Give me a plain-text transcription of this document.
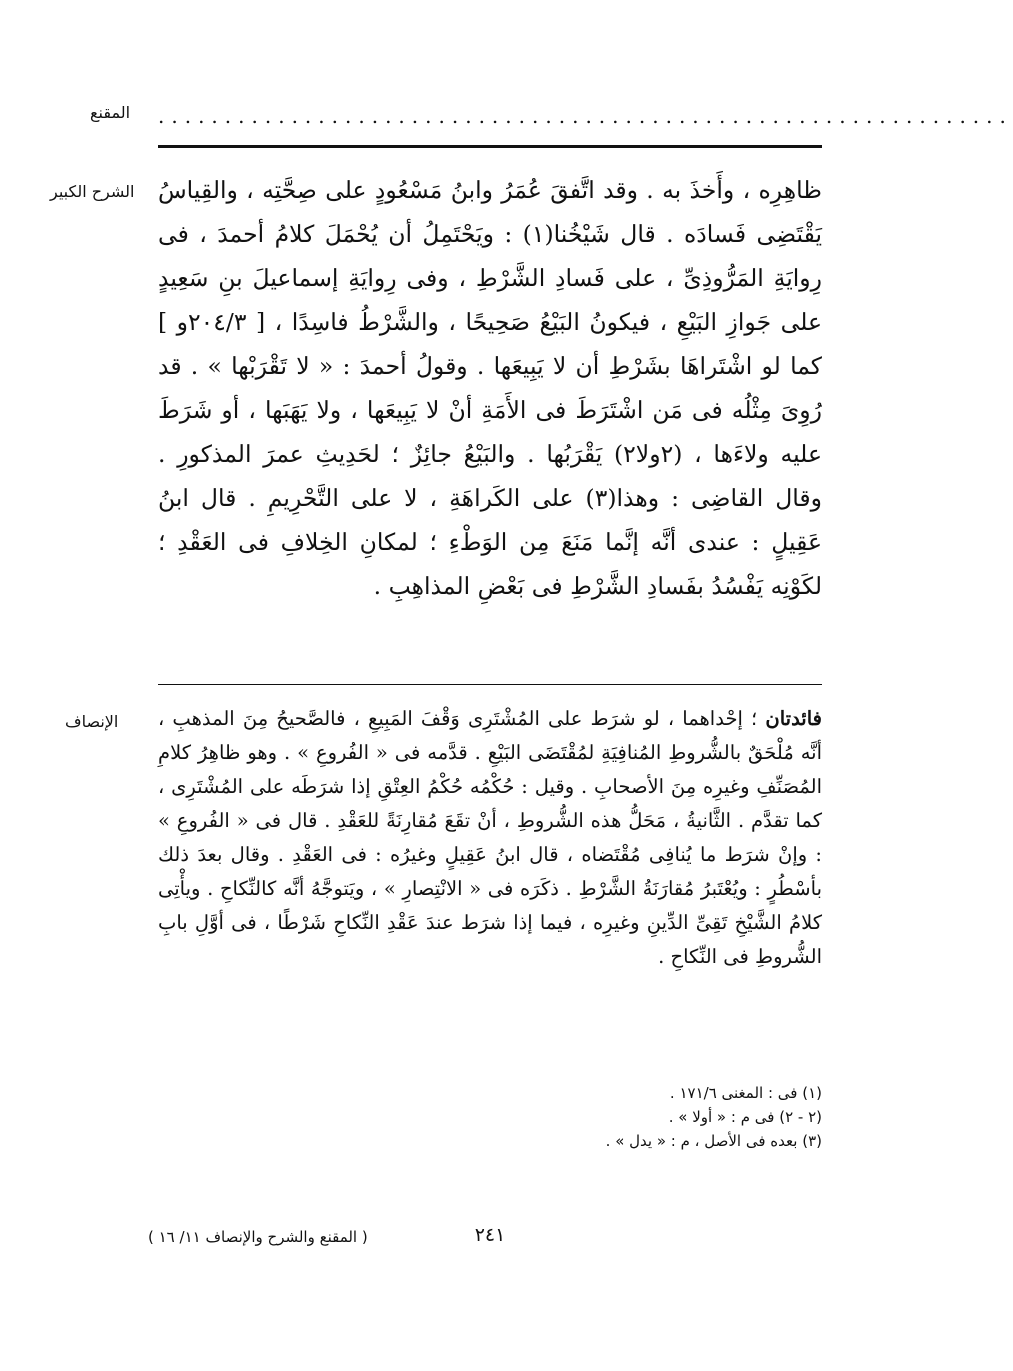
المقنع	................................................................
الشرح الكبير ظاهِرِه ، وأَخذَ به . وقد اتَّفقَ عُمَرُ وابنُ مَسْعُودٍ على صِحَّتِه ، والقِياسُ يَقْتَضِى فَسادَه . قال شَيْخُنا(١) : ويَحْتَمِلُ أن يُحْمَلَ كلامُ أحمدَ ، فى رِوايَةِ المَرُّوذِىِّ ، على فَسادِ الشَّرْطِ ، وفى رِوايَةِ إسماعيلَ بنِ سَعِيدٍ على جَوازِ البَيْعِ ، فيكونُ البَيْعُ صَحِيحًا ، والشَّرْطُ فاسِدًا ، [ ٢٠٤/٣و ] كما لو اشْتَراهَا بشَرْطِ أن لا يَبِيعَها . وقولُ أحمدَ : « لا تَقْرَبْها » . قد رُوِىَ مِثْلُه فى مَن اشْتَرَطَ فى الأَمَةِ أنْ لا يَبِيعَها ، ولا يَهَبَها ، أو شَرَطَ عليه ولاءَها ، (٢ولا٢) يَقْرَبُها . والبَيْعُ جائِزٌ ؛ لحَدِيثِ عمرَ المذكورِ . وقال القاضِى : وهذا(٣) على الكَراهَةِ ، لا على التَّحْرِيمِ . قال ابنُ عَقِيلٍ : عندى أنَّه إنَّما مَنَعَ مِن الوَطْءِ ؛ لمكانِ الخِلافِ فى العَقْدِ ؛ لكَوْنِه يَفْسُدُ بفَسادِ الشَّرْطِ فى بَعْضِ المذاهِبِ .

الإنصاف	فائدتان ؛ إحْداهما ، لو شرَط على المُشْتَرِى وَقْفَ المَبِيعِ ، فالصَّحيحُ مِنَ المذهبِ ، أنَّه مُلْحَقٌ بالشُّروطِ المُنافِيَةِ لمُقْتَضَى البَيْعِ . قدَّمه فى « الفُروعِ » . وهو ظاهِرُ كلامِ المُصَنِّفِ وغيرِه مِنَ الأصحابِ . وقيل : حُكْمُه حُكْمُ العِتْقِ إذا شرَطَه على المُشْتَرِى ، كما تقدَّم . الثَّانيةُ ، مَحَلُّ هذه الشُّروطِ ، أنْ تقَعَ مُقارِنَةً للعَقْدِ . قال فى « الفُروعِ » : وإنْ شرَط ما يُنافِى مُقْتَضاه ، قال ابنُ عَقِيلٍ وغيرُه : فى العَقْدِ . وقال بعدَ ذلك بأسْطُرٍ : ويُعْتَبرُ مُقارَنَةُ الشَّرْطِ . ذكَرَه فى « الانْتِصارِ » ، ويَتوجَّهُ أنَّه كالنِّكاحِ . ويأْتِى كلامُ الشَّيْخِ تَقِىِّ الدِّينِ وغيرِه ، فيما إذا شرَط عندَ عَقْدِ النِّكاحِ شَرْطًا ، فى أوَّلِ بابِ الشُّروطِ فى النِّكاحِ .

(١) فى : المغنى ١٧١/٦ .
(٢ - ٢) فى م : « أولا » .
(٣) بعده فى الأصل ، م : « يدل » .
( المقنع والشرح والإنصاف ١١/ ١٦ )	٢٤١
